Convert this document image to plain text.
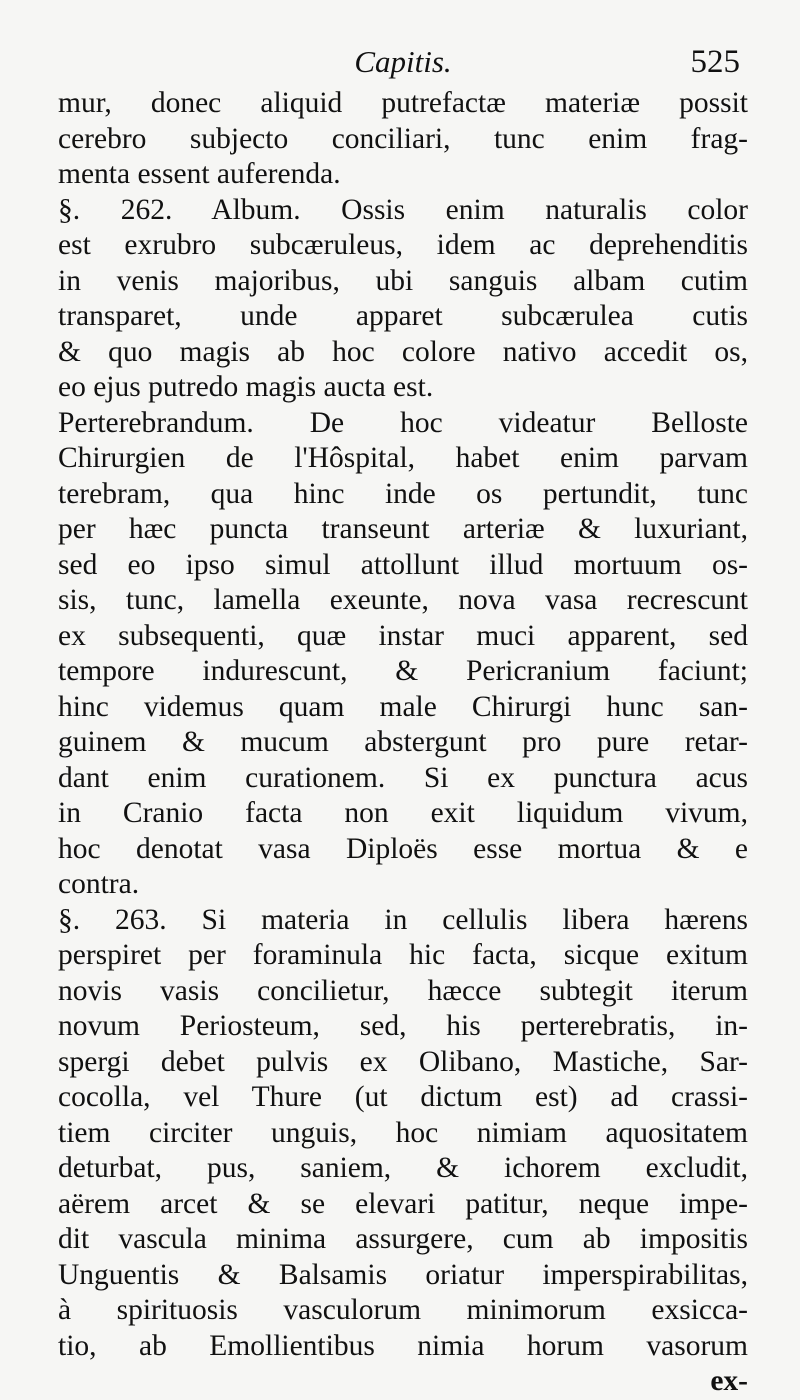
Capitis.	525
mur, donec aliquid putrefactæ materiæ possit
cerebro subjecto conciliari, tunc enim frag-
menta essent auferenda.
§. 262. Album. Ossis enim naturalis color
est exrubro subcæruleus, idem ac deprehenditis
in venis majoribus, ubi sanguis albam cutim
transparet, unde apparet subcærulea cutis
& quo magis ab hoc colore nativo accedit os,
eo ejus putredo magis aucta est.
Perterebrandum. De hoc videatur Belloste
Chirurgien de l'Hôspital, habet enim parvam
terebram, qua hinc inde os pertundit, tunc
per hæc puncta transeunt arteriæ & luxuriant,
sed eo ipso simul attollunt illud mortuum os-
sis, tunc, lamella exeunte, nova vasa recrescunt
ex subsequenti, quæ instar muci apparent, sed
tempore indurescunt, & Pericranium faciunt;
hinc videmus quam male Chirurgi hunc san-
guinem & mucum abstergunt pro pure retar-
dant enim curationem. Si ex punctura acus
in Cranio facta non exit liquidum vivum,
hoc denotat vasa Diploës esse mortua & e
contra.
§. 263. Si materia in cellulis libera hærens
perspiret per foraminula hic facta, sicque exitum
novis vasis concilietur, hæcce subtegit iterum
novum Periosteum, sed, his perterebratis, in-
spergi debet pulvis ex Olibano, Mastiche, Sar-
cocolla, vel Thure (ut dictum est) ad crassi-
tiem circiter unguis, hoc nimiam aquositatem
deturbat, pus, saniem, & ichorem excludit,
aërem arcet & se elevari patitur, neque impe-
dit vascula minima assurgere, cum ab impositis
Unguentis & Balsamis oriatur imperspirabilitas,
à spirituosis vasculorum minimorum exsicca-
tio, ab Emollientibus nimia horum vasorum
ex-
